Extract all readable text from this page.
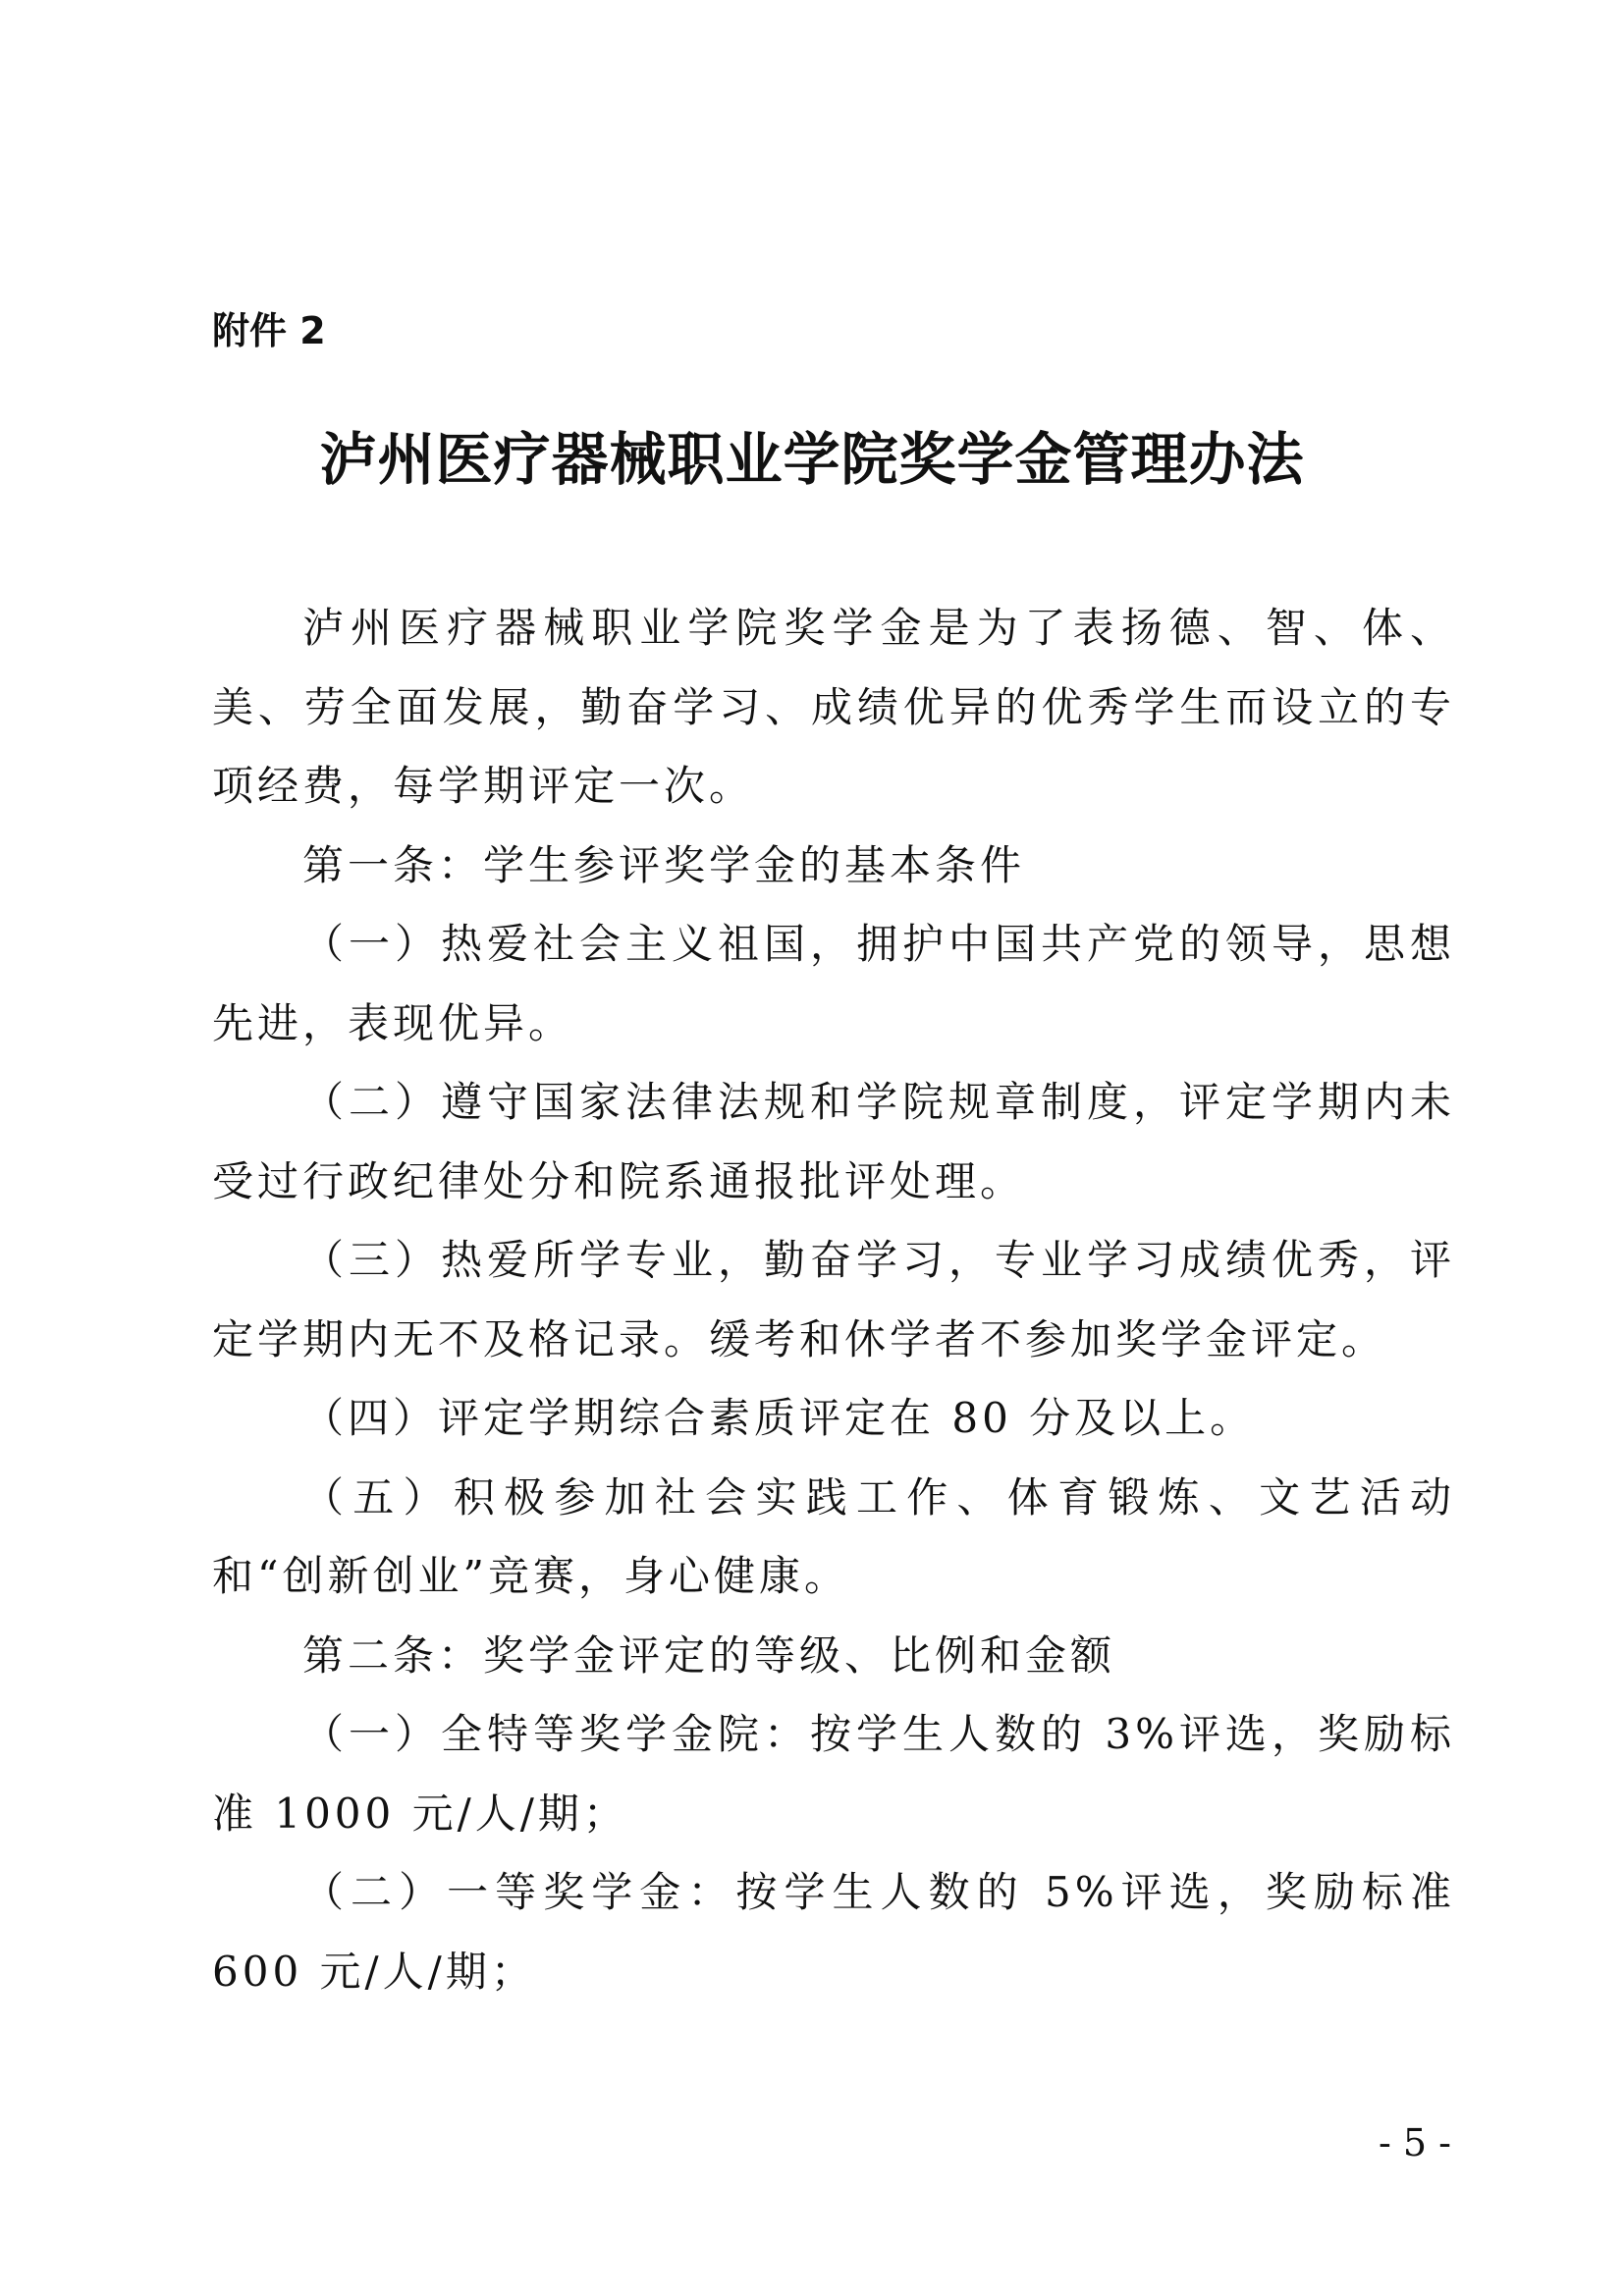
附件 2

泸州医疗器械职业学院奖学金管理办法

泸州医疗器械职业学院奖学金是为了表扬德、智、体、美、劳全面发展，勤奋学习、成绩优异的优秀学生而设立的专项经费，每学期评定一次。

第一条：学生参评奖学金的基本条件

（一）热爱社会主义祖国，拥护中国共产党的领导，思想先进，表现优异。

（二）遵守国家法律法规和学院规章制度，评定学期内未受过行政纪律处分和院系通报批评处理。

（三）热爱所学专业，勤奋学习，专业学习成绩优秀，评定学期内无不及格记录。缓考和休学者不参加奖学金评定。

（四）评定学期综合素质评定在 80 分及以上。

（五）积极参加社会实践工作、体育锻炼、文艺活动和“创新创业”竞赛，身心健康。

第二条：奖学金评定的等级、比例和金额

（一）全特等奖学金院：按学生人数的 3%评选，奖励标准 1000 元/人/期；

（二）一等奖学金：按学生人数的 5%评选，奖励标准 600 元/人/期；

- 5 -
